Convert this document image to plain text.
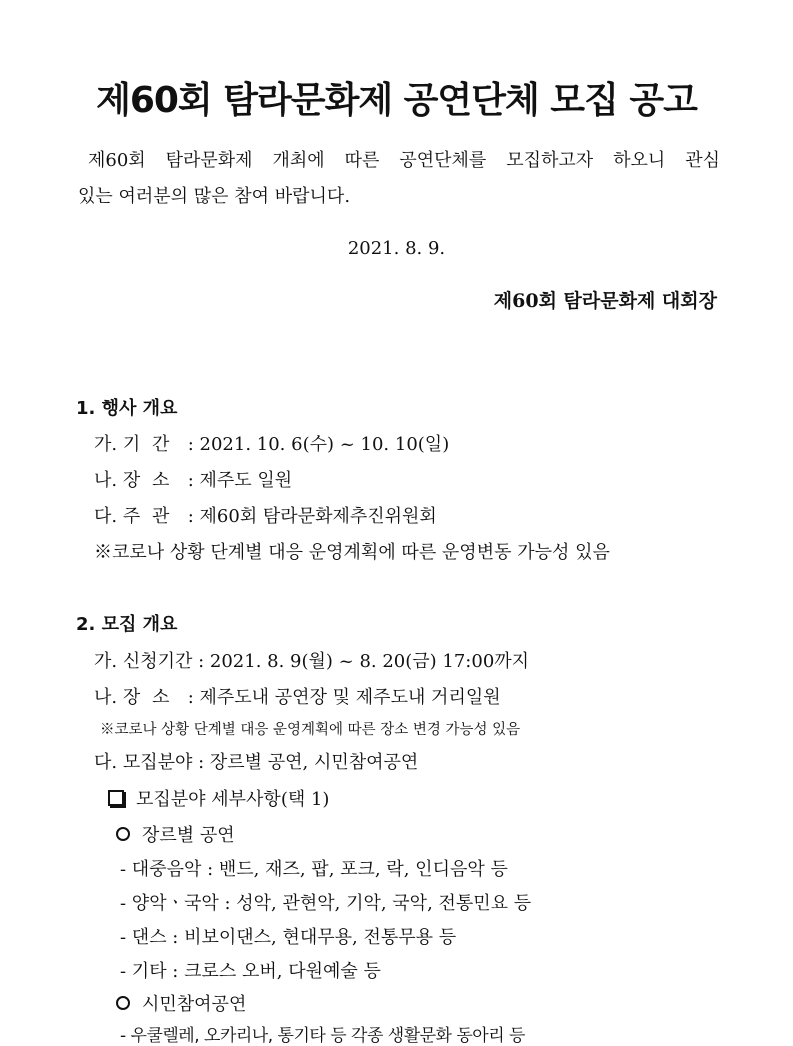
제60회 탐라문화제 공연단체 모집 공고
제60회 탐라문화제 개최에 따른 공연단체를 모집하고자 하오니 관심
있는 여러분의 많은 참여 바랍니다.
2021. 8. 9.
제60회 탐라문화제 대회장
1. 행사 개요
가. 기 간 : 2021. 10. 6(수) ~ 10. 10(일)
나. 장 소 : 제주도 일원
다. 주 관 : 제60회 탐라문화제추진위원회
※코로나 상황 단계별 대응 운영계획에 따른 운영변동 가능성 있음
2. 모집 개요
가. 신청기간 : 2021. 8. 9(월) ~ 8. 20(금) 17:00까지
나. 장 소 : 제주도내 공연장 및 제주도내 거리일원
※코로나 상황 단계별 대응 운영계획에 따른 장소 변경 가능성 있음
다. 모집분야 : 장르별 공연, 시민참여공연
모집분야 세부사항(택 1)
장르별 공연
- 대중음악 : 밴드, 재즈, 팝, 포크, 락, 인디음악 등
- 양악ㆍ국악 : 성악, 관현악, 기악, 국악, 전통민요 등
- 댄스 : 비보이댄스, 현대무용, 전통무용 등
- 기타 : 크로스 오버, 다원예술 등
시민참여공연
- 우쿨렐레, 오카리나, 통기타 등 각종 생활문화 동아리 등
